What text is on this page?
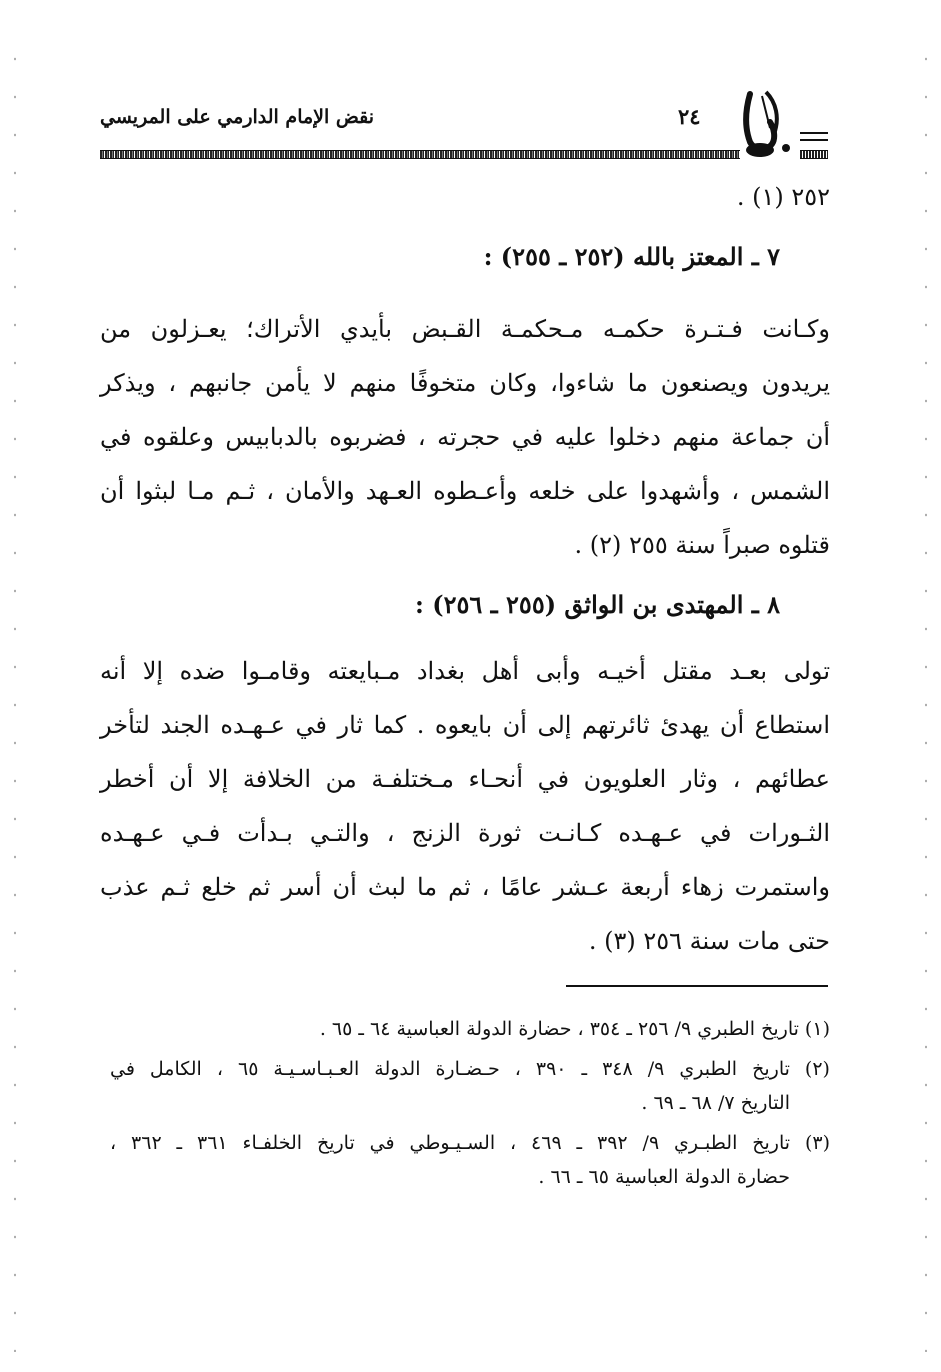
نقض الإمام الدارمي على المريسي	٢٤
٢٥٢ (١) .
٧ ـ المعتز بالله (٢٥٢ ـ ٢٥٥) :
وكـانت فـتـرة حكمـه مـحكمـة القـبض بأيدي الأتراك؛ يعـزلون من
يريدون ويصنعون ما شاءوا، وكان متخوفًا منهم لا يأمن جانبهم ، ويذكر
أن جماعة منهم دخلوا عليه في حجرته ، فضربوه بالدبابيس وعلقوه في
الشمس ، وأشهدوا على خلعه وأعـطوه العـهد والأمان ، ثـم مـا لبثوا أن
قتلوه صبراً سنة ٢٥٥ (٢) .
٨ ـ المهتدى بن الواثق (٢٥٥ ـ ٢٥٦) :
تولى بعـد مقتل أخيـه وأبى أهل بغداد مـبايعته وقامـوا ضده إلا أنه
استطاع أن يهدئ ثائرتهم إلى أن بايعوه . كما ثار في عـهـده الجند لتأخر
عطائهم ، وثار العلويون في أنحـاء مـختلفـة من الخلافة إلا أن أخطر
الثـورات في عـهـده كـانـت ثورة الزنج ، والتـي بـدأت فـي عـهـده
واستمرت زهاء أربعة عـشر عامًا ، ثم ما لبث أن أسر ثم خلع ثـم عذب
حتى مات سنة ٢٥٦ (٣) .
(١) تاريخ الطبري ٩/ ٢٥٦ ـ ٣٥٤ ، حضارة الدولة العباسية ٦٤ ـ ٦٥ .
(٢) تاريخ الطبري ٩/ ٣٤٨ ـ ٣٩٠ ، حـضـارة الدولة العـبـاسـيـة ٦٥ ، الكامل في
التاريخ ٧/ ٦٨ ـ ٦٩ .
(٣) تاريخ الطبـري ٩/ ٣٩٢ ـ ٤٦٩ ، السـيـوطي في تاريخ الخلفـاء ٣٦١ ـ ٣٦٢ ،
حضارة الدولة العباسية ٦٥ ـ ٦٦ .
